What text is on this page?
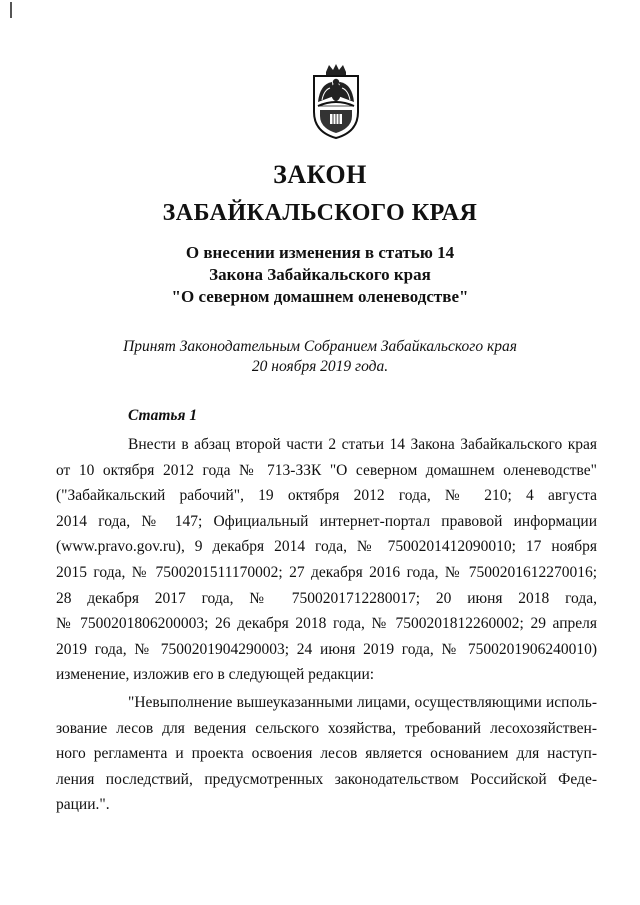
ЗАКОН
ЗАБАЙКАЛЬСКОГО КРАЯ
О внесении изменения в статью 14
Закона Забайкальского края
"О северном домашнем оленеводстве"
Принят Законодательным Собранием Забайкальского края
20 ноября 2019 года.
Статья 1
Внести в абзац второй части 2 статьи 14 Закона Забайкальского края
от 10 октября 2012 года № 713-ЗЗК "О северном домашнем оленеводстве"
("Забайкальский рабочий", 19 октября 2012 года, № 210; 4 августа
2014 года, № 147; Официальный интернет-портал правовой информации
(www.pravo.gov.ru), 9 декабря 2014 года, № 7500201412090010; 17 ноября
2015 года, № 7500201511170002; 27 декабря 2016 года, № 7500201612270016;
28 декабря 2017 года, № 7500201712280017; 20 июня 2018 года,
№ 7500201806200003; 26 декабря 2018 года, № 7500201812260002; 29 апреля
2019 года, № 7500201904290003; 24 июня 2019 года, № 7500201906240010)
изменение, изложив его в следующей редакции:
"Невыполнение вышеуказанными лицами, осуществляющими исполь-
зование лесов для ведения сельского хозяйства, требований лесохозяйствен-
ного регламента и проекта освоения лесов является основанием для наступ-
ления последствий, предусмотренных законодательством Российской Феде-
рации.".
